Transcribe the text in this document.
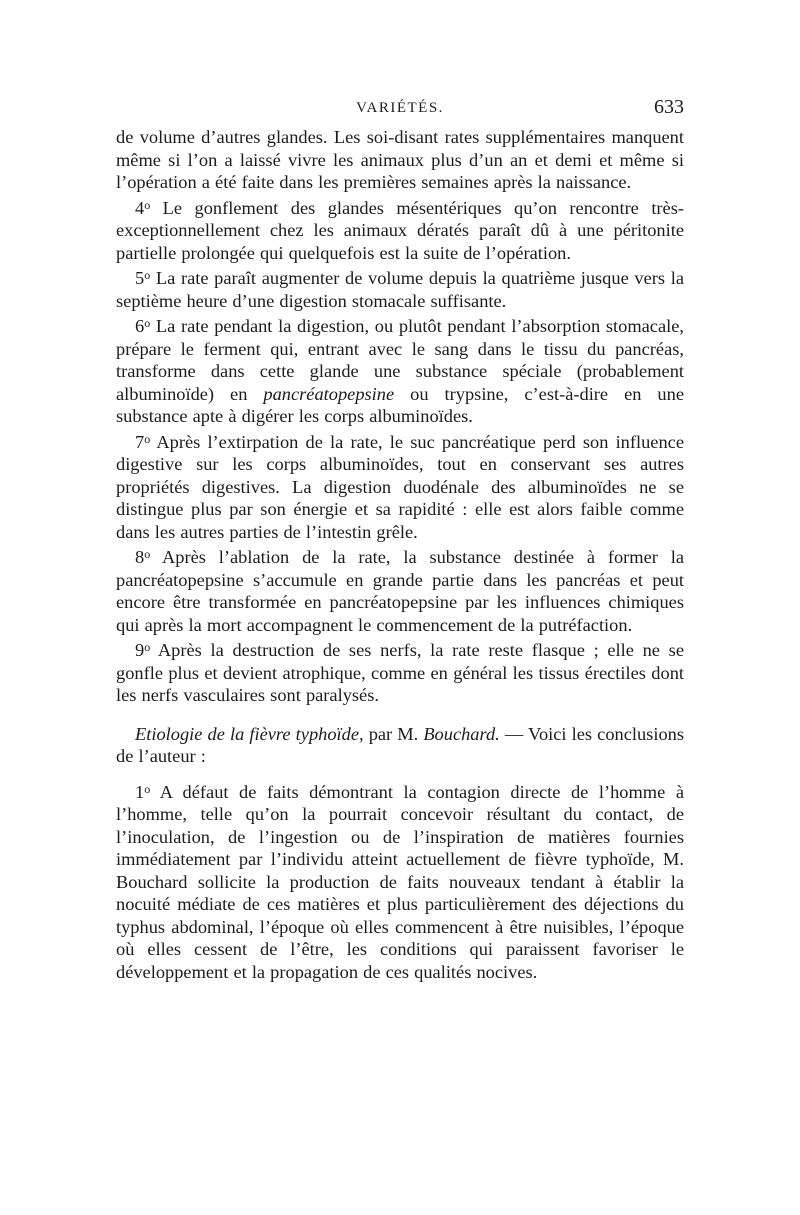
VARIÉTÉS.	633

de volume d’autres glandes. Les soi-disant rates supplémentaires manquent même si l’on a laissé vivre les animaux plus d’un an et demi et même si l’opération a été faite dans les premières semaines après la naissance.

4$^o$ Le gonflement des glandes mésentériques qu’on rencontre très-exceptionnellement chez les animaux dératés paraît dû à une péritonite partielle prolongée qui quelquefois est la suite de l’opération.

5$^o$ La rate paraît augmenter de volume depuis la quatrième jusque vers la septième heure d’une digestion stomacale suffisante.

6$^o$ La rate pendant la digestion, ou plutôt pendant l’absorption stomacale, prépare le ferment qui, entrant avec le sang dans le tissu du pancréas, transforme dans cette glande une substance spéciale (probablement albuminoïde) en pancréatopepsine ou trypsine, c’est-à-dire en une substance apte à digérer les corps albuminoïdes.

7$^o$ Après l’extirpation de la rate, le suc pancréatique perd son influence digestive sur les corps albuminoïdes, tout en conservant ses autres propriétés digestives. La digestion duodénale des albuminoïdes ne se distingue plus par son énergie et sa rapidité : elle est alors faible comme dans les autres parties de l’intestin grêle.

8$^o$ Après l’ablation de la rate, la substance destinée à former la pancréatopepsine s’accumule en grande partie dans les pancréas et peut encore être transformée en pancréatopepsine par les influences chimiques qui après la mort accompagnent le commencement de la putréfaction.

9$^o$ Après la destruction de ses nerfs, la rate reste flasque ; elle ne se gonfle plus et devient atrophique, comme en général les tissus érectiles dont les nerfs vasculaires sont paralysés.

Etiologie de la fièvre typhoïde, par M. Bouchard. — Voici les conclusions de l’auteur :

1$^o$ A défaut de faits démontrant la contagion directe de l’homme à l’homme, telle qu’on la pourrait concevoir résultant du contact, de l’inoculation, de l’ingestion ou de l’inspiration de matières fournies immédiatement par l’individu atteint actuellement de fièvre typhoïde, M. Bouchard sollicite la production de faits nouveaux tendant à établir la nocuité médiate de ces matières et plus particulièrement des déjections du typhus abdominal, l’époque où elles commencent à être nuisibles, l’époque où elles cessent de l’être, les conditions qui paraissent favoriser le développement et la propagation de ces qualités nocives.
